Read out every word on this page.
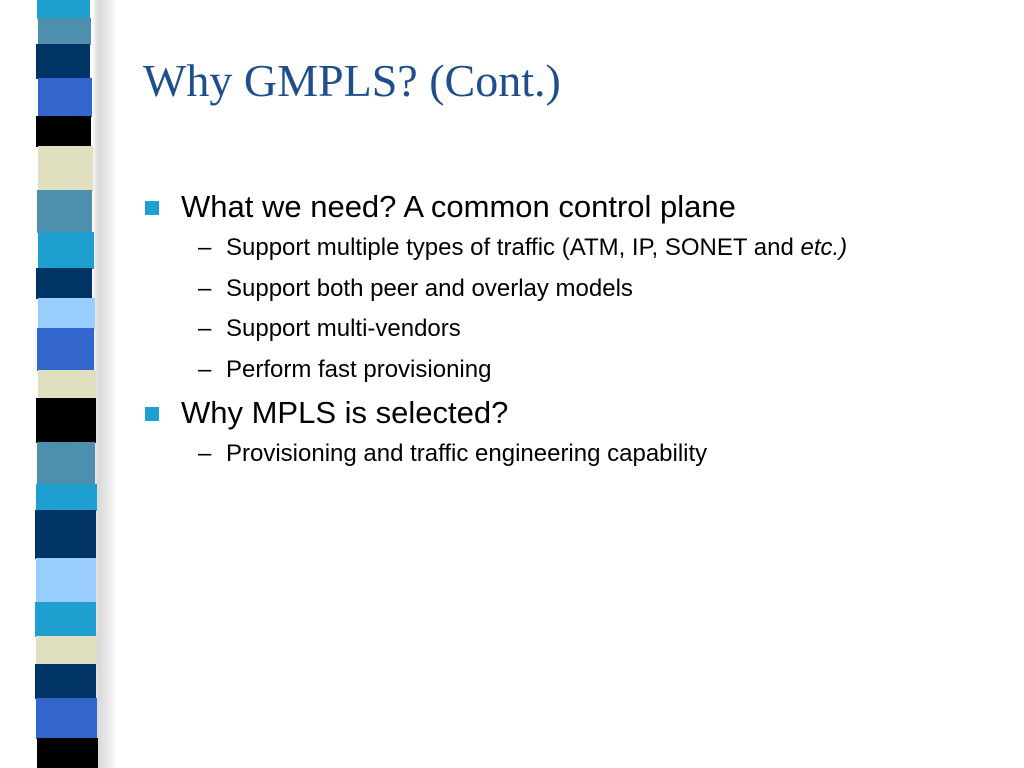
Why GMPLS? (Cont.)
What we need? A common control plane
– Support multiple types of traffic (ATM, IP, SONET and etc.)
– Support both peer and overlay models
– Support multi-vendors
– Perform fast provisioning
Why MPLS is selected?
– Provisioning and traffic engineering capability
